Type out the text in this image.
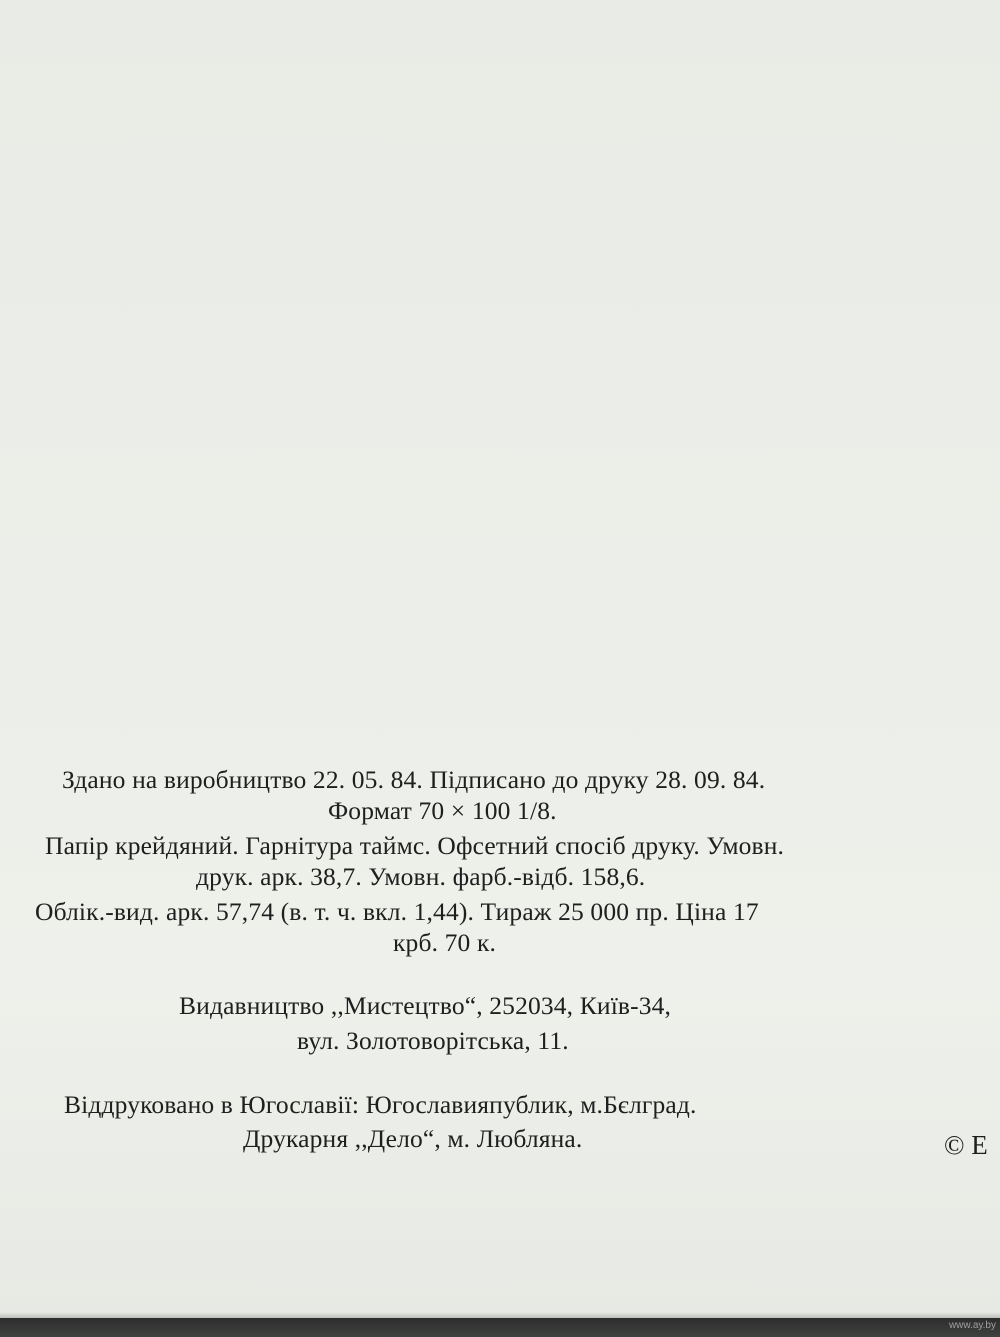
Здано на виробництво 22. 05. 84. Підписано до друку 28. 09. 84.
Формат 70 × 100 1/8.
Папір крейдяний. Гарнітура таймс. Офсетний спосіб друку. Умовн.
друк. арк. 38,7. Умовн. фарб.-відб. 158,6.
Облік.-вид. арк. 57,74 (в. т. ч. вкл. 1,44). Тираж 25 000 пр. Ціна 17
крб. 70 к.
Видавництво ,,Мистецтво“, 252034, Київ-34,
вул. Золотоворітська, 11.
Віддруковано в Югославії: Югославияпублик, м.Бєлград.
Друкарня ,,Дело“, м. Любляна.	© Е
www.ay.by
